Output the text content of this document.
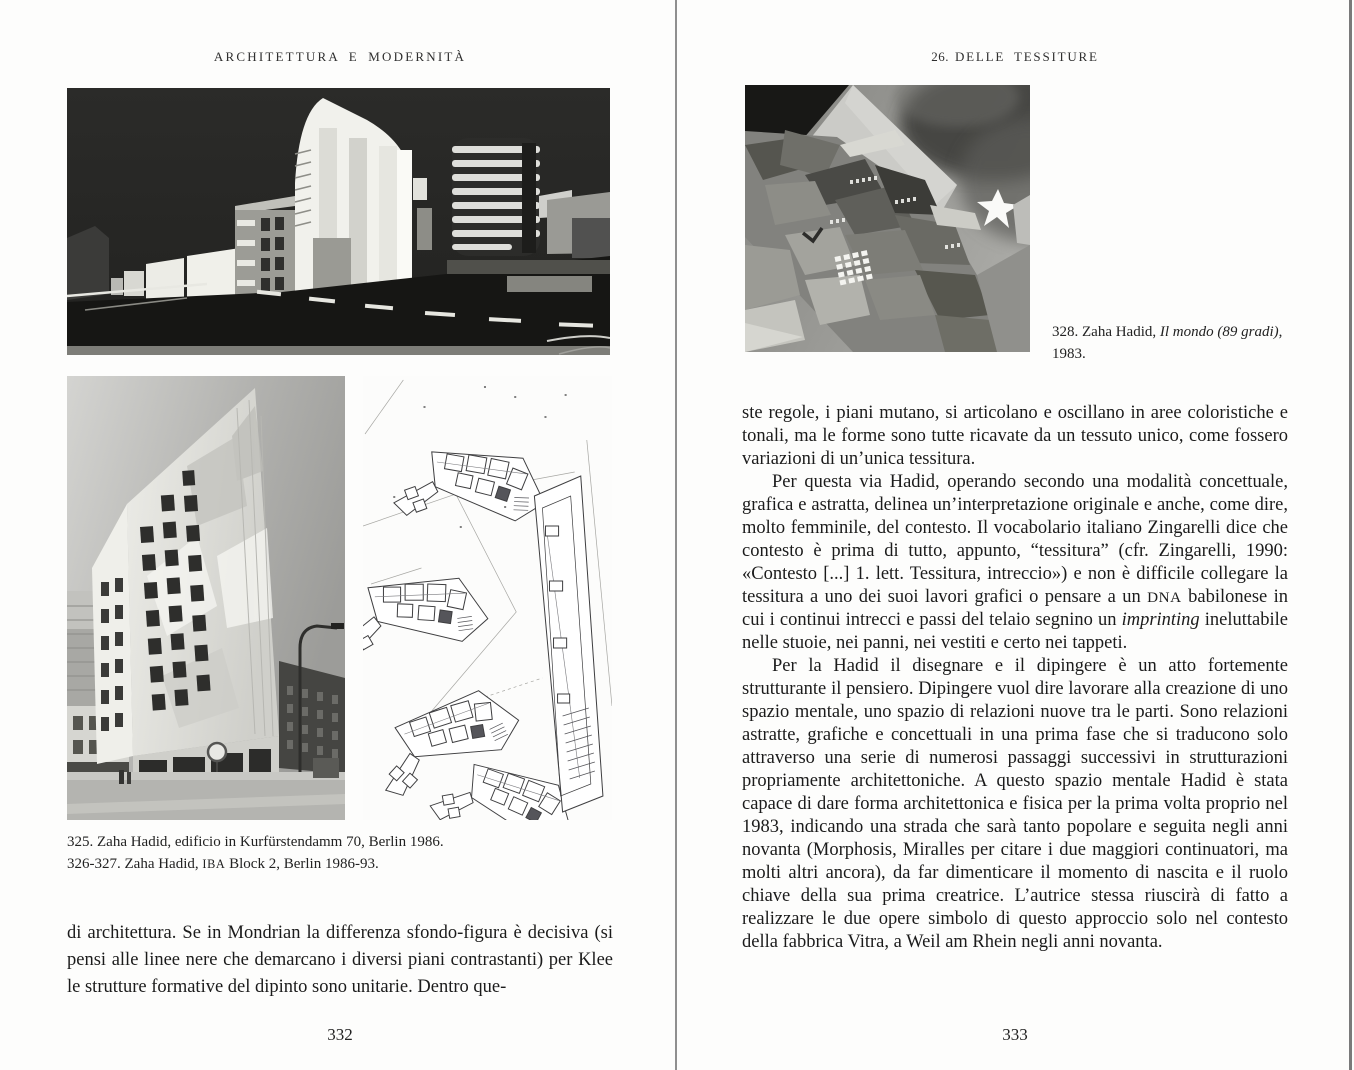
ARCHITETTURA E MODERNITÀ	26. DELLE TESSITURE

328. Zaha Hadid, Il mondo (89 gradi), 1983.

325. Zaha Hadid, edificio in Kurfürstendamm 70, Berlin 1986.

326-327. Zaha Hadid, IBA Block 2, Berlin 1986-93.

di architettura. Se in Mondrian la differenza sfondo-figura è decisiva (si pensi alle linee nere che demarcano i diversi piani contrastanti) per Klee le strutture formative del dipinto sono unitarie. Dentro que-

ste regole, i piani mutano, si articolano e oscillano in aree coloristiche e tonali, ma le forme sono tutte ricavate da un tessuto unico, come fossero variazioni di un’unica tessitura.

Per questa via Hadid, operando secondo una modalità concettuale, grafica e astratta, delinea un’interpretazione originale e anche, come dire, molto femminile, del contesto. Il vocabolario italiano Zingarelli dice che contesto è prima di tutto, appunto, “tessitura” (cfr. Zingarelli, 1990: «Contesto [...] 1. lett. Tessitura, intreccio») e non è difficile collegare la tessitura a uno dei suoi lavori grafici o pensare a un DNA babilonese in cui i continui intrecci e passi del telaio segnino un imprinting ineluttabile nelle stuoie, nei panni, nei vestiti e certo nei tappeti.

Per la Hadid il disegnare e il dipingere è un atto fortemente strutturante il pensiero. Dipingere vuol dire lavorare alla creazione di uno spazio mentale, uno spazio di relazioni nuove tra le parti. Sono relazioni astratte, grafiche e concettuali in una prima fase che si traducono solo attraverso una serie di numerosi passaggi successivi in strutturazioni propriamente architettoniche. A questo spazio mentale Hadid è stata capace di dare forma architettonica e fisica per la prima volta proprio nel 1983, indicando una strada che sarà tanto popolare e seguita negli anni novanta (Morphosis, Miralles per citare i due maggiori continuatori, ma molti altri ancora), da far dimenticare il momento di nascita e il ruolo chiave della sua prima creatrice. L’autrice stessa riuscirà di fatto a realizzare le due opere simbolo di questo approccio solo nel contesto della fabbrica Vitra, a Weil am Rhein negli anni novanta.

332	333
